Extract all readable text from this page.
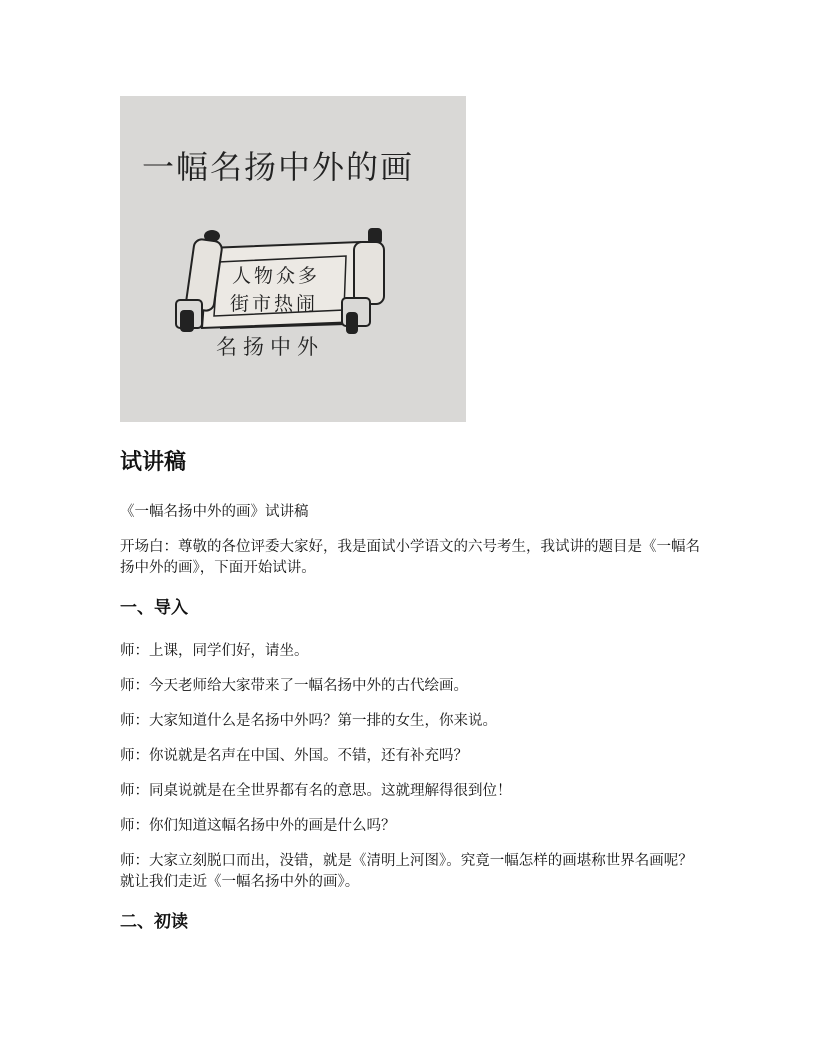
一幅名扬中外的画
人物众多
街市热闹
名扬中外
试讲稿

《一幅名扬中外的画》试讲稿

开场白：尊敬的各位评委大家好，我是面试小学语文的六号考生，我试讲的题目是《一幅名扬中外的画》，下面开始试讲。

一、导入

师：上课，同学们好，请坐。

师：今天老师给大家带来了一幅名扬中外的古代绘画。

师：大家知道什么是名扬中外吗？第一排的女生，你来说。

师：你说就是名声在中国、外国。不错，还有补充吗？

师：同桌说就是在全世界都有名的意思。这就理解得很到位！

师：你们知道这幅名扬中外的画是什么吗？

师：大家立刻脱口而出，没错，就是《清明上河图》。究竟一幅怎样的画堪称世界名画呢？就让我们走近《一幅名扬中外的画》。

二、初读
